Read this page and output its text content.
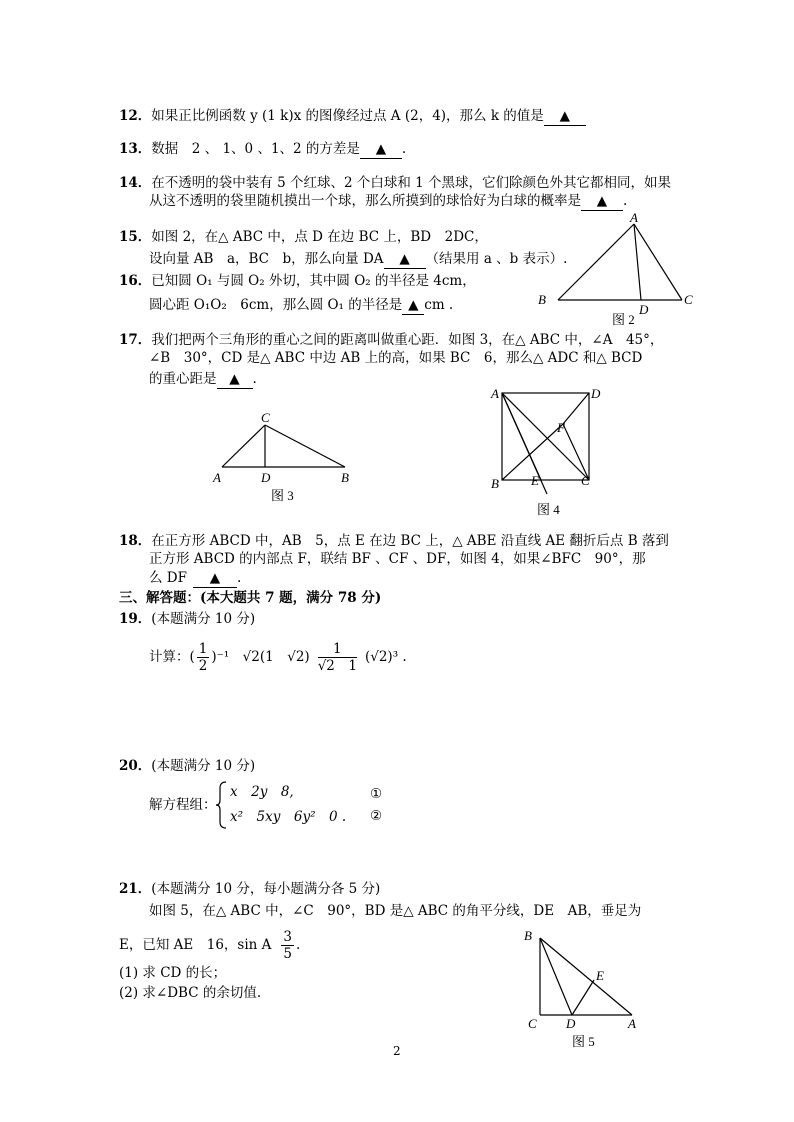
12．如果正比例函数 y (1 k)x 的图像经过点 A (2，4)，那么 k 的值是 ▲
13．数据　2 、 1、0 、1、2 的方差是 ▲ .
14．在不透明的袋中装有 5 个红球、2 个白球和 1 个黑球，它们除颜色外其它都相同，如果
从这不透明的袋里随机摸出一个球，那么所摸到的球恰好为白球的概率是 ▲ .
15．如图 2，在△ ABC 中，点 D 在边 BC 上，BD　2DC，
设向量 AB　a，BC　b，那么向量 DA ▲ （结果用 a 、b 表示）.
16．已知圆 O₁ 与圆 O₂ 外切，其中圆 O₂ 的半径是 4cm，
圆心距 O₁O₂　6cm，那么圆 O₁ 的半径是 ▲ cm .
A
B	C
D
图 2
17．我们把两个三角形的重心之间的距离叫做重心距．如图 3，在△ ABC 中，∠A　45°，
∠B　30°，CD 是△ ABC 中边 AB 上的高，如果 BC　6，那么△ ADC 和△ BCD
的重心距是 ▲ .
C
A	D	B
图 3
A	D
F
B E	C
图 4
18．在正方形 ABCD 中，AB　5，点 E 在边 BC 上，△ ABE 沿直线 AE 翻折后点 B 落到
正方形 ABCD 的内部点 F，联结 BF 、CF 、DF，如图 4，如果∠BFC　90°，那
么 DF ▲ .
三、解答题：(本大题共 7 题，满分 78 分)
19．(本题满分 10 分)
计算：( $\frac{1}{2} )^{-1}$　√2(1　$√2) \frac{1}{√2 1} (√2)^3$ .
20．(本题满分 10 分)
解方程组：
x　2y　8,
x²　5xy　6y²　0 .
①
②
21．(本题满分 10 分，每小题满分各 5 分)
如图 5，在△ ABC 中，∠C　90°，BD 是△ ABC 的角平分线，DE　AB，垂足为
E，已知 AE　16，sin A $\frac{3}{5}$ .
(1) 求 CD 的长；
(2) 求∠DBC 的余切值.
B
E
C D	A
图 5
2
